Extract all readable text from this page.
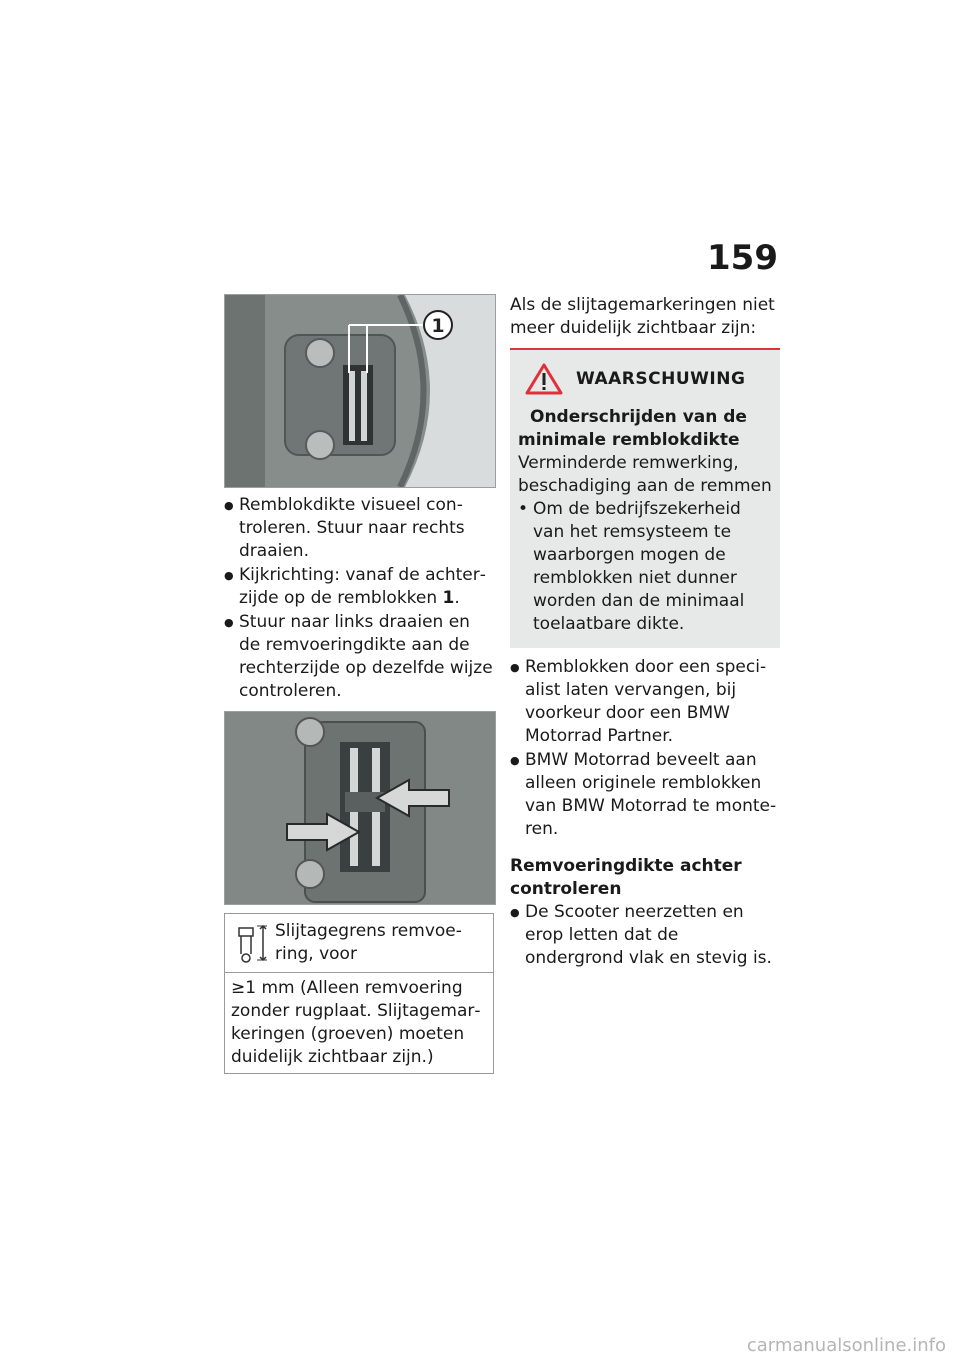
159
1
● Remblokdikte visueel controleren. Stuur naar rechts draaien.
● Kijkrichting: vanaf de achterzijde op de remblokken 1.
● Stuur naar links draaien en de remvoeringdikte aan de rechterzijde op dezelfde wijze controleren.
Slijtagegrens remvoering, voor
≥1 mm (Alleen remvoering zonder rugplaat. Slijtagemarkeringen (groeven) moeten duidelijk zichtbaar zijn.)

Als de slijtagemarkeringen niet meer duidelijk zichtbaar zijn:

WAARSCHUWING

Onderschrijden van de minimale remblokdikte

Verminderde remwerking, beschadiging aan de remmen

• Om de bedrijfszekerheid van het remsysteem te waarborgen mogen de remblokken niet dunner worden dan de minimaal toelaatbare dikte.
● Remblokken door een specialist laten vervangen, bij voorkeur door een BMW Motorrad Partner.
● BMW Motorrad beveelt aan alleen originele remblokken van BMW Motorrad te monteren.

Remvoeringdikte achter controleren

● De Scooter neerzetten en erop letten dat de ondergrond vlak en stevig is.
carmanualsonline.info
